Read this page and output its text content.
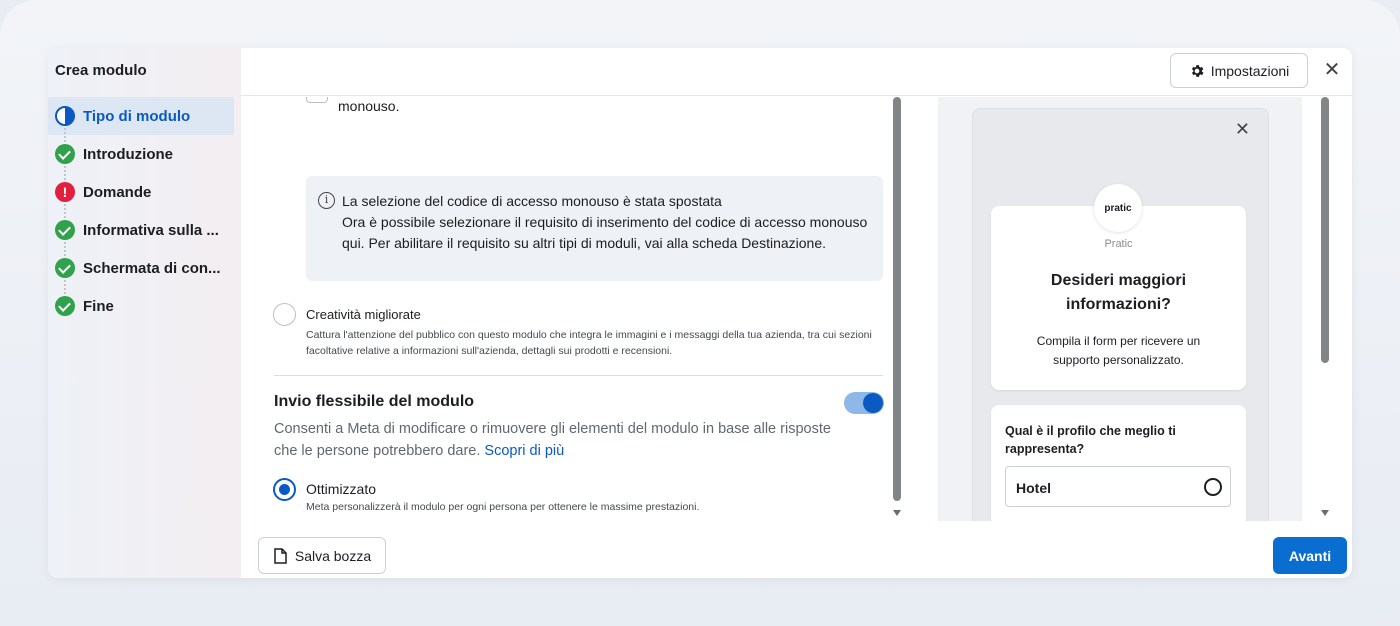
Crea modulo
Tipo di modulo
Introduzione
!	Domande
Informativa sulla ...
Schermata di con...
Fine
Impostazioni ✕
monouso.
i La selezione del codice di accesso monouso è stata spostata
Ora è possibile selezionare il requisito di inserimento del codice di accesso monouso qui. Per abilitare il requisito su altri tipi di moduli, vai alla scheda Destinazione.
Creatività migliorate
Cattura l'attenzione del pubblico con questo modulo che integra le immagini e i messaggi della tua azienda, tra cui sezioni facoltative relative a informazioni sull'azienda, dettagli sui prodotti e recensioni.
Invio flessibile del modulo
Consenti a Meta di modificare o rimuovere gli elementi del modulo in base alle risposte che le persone potrebbero dare. Scopri di più
Ottimizzato
Meta personalizzerà il modulo per ogni persona per ottenere le massime prestazioni.
✕
pratic
Pratic
Desideri maggiori informazioni?
Compila il form per ricevere un supporto personalizzato.
Qual è il profilo che meglio ti rappresenta?
Hotel
Salva bozza	Avanti
